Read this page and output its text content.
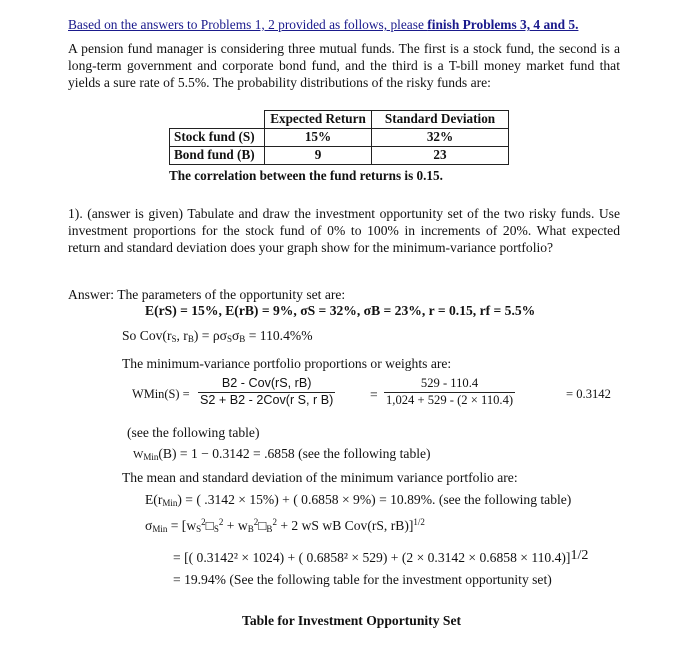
Based on the answers to Problems 1, 2 provided as follows, please finish Problems 3, 4 and 5.
A pension fund manager is considering three mutual funds. The first is a stock fund, the second is a long-term government and corporate bond fund, and the third is a T-bill money market fund that yields a sure rate of 5.5%. The probability distributions of the risky funds are:
	Expected Return	Standard Deviation
Stock fund (S)	15%	32%
Bond fund (B)	9	23
The correlation between the fund returns is 0.15.
1). (answer is given) Tabulate and draw the investment opportunity set of the two risky funds. Use investment proportions for the stock fund of 0% to 100% in increments of 20%. What expected return and standard deviation does your graph show for the minimum-variance portfolio?
Answer: The parameters of the opportunity set are:
E(rS) = 15%, E(rB) = 9%, σS = 32%, σB = 23%, r = 0.15, rf = 5.5%
So $Cov(r_S$, $r_B) = \rho\sigma_S\sigma_B = 110.4\%\%$
The minimum-variance portfolio proportions or weights are:
WMin(S) =
B2 - Cov(rS, rB)
S2 + B2 - 2Cov(r S, r B)	= $\frac{529 - 110.4}{1,024 + 529 - (2 \times 110.4)}$	= 0.3142
(see the following table)
$W_{Min}(B) = 1 - 0.3142 = .6858$ (see the following table)
The mean and standard deviation of the minimum variance portfolio are:
$E(r_{Min})$ = ( .3142 × 15%) + ( 0.6858 × 9%) = 10.89%. (see the following table)
$\sigma_{Min}$ = [$w_S^2□_S^2$ + $w_B^2□_B^2 + 2$ wS wB Cov(rS, rB)]$^{1/2}$
= [( 0.3142² × 1024) + ( 0.6858² × 529) + (2 × 0.3142 × 0.6858 × 110.4)]1/2
= 19.94% (See the following table for the investment opportunity set)
Table for Investment Opportunity Set
